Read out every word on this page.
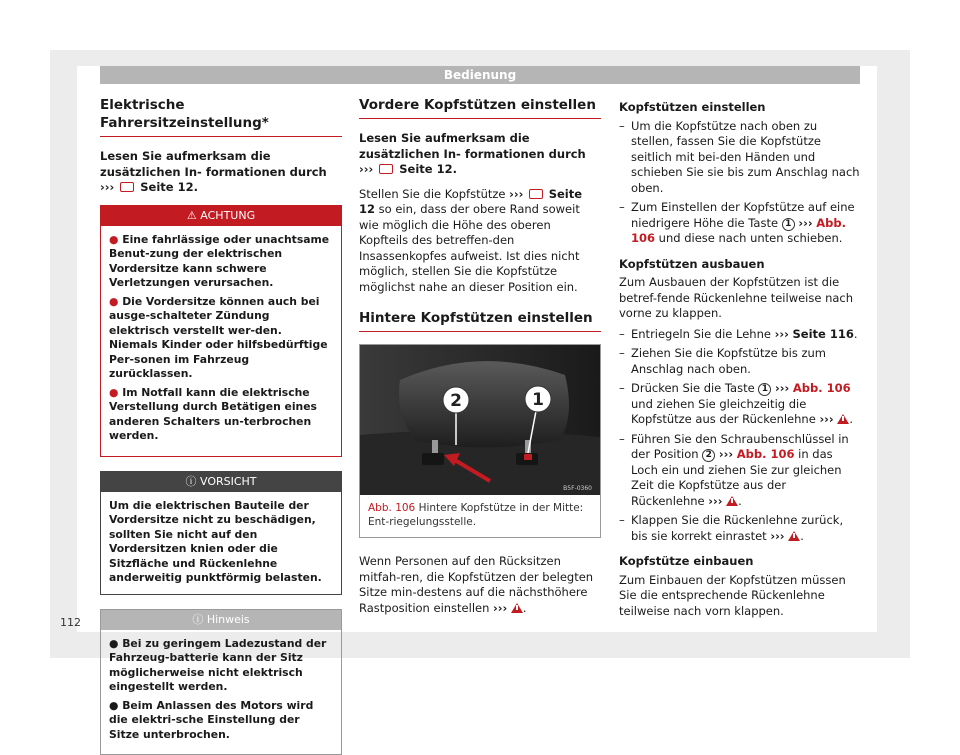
Bedienung
Elektrische Fahrersitzeinstellung*

Lesen Sie aufmerksam die zusätzlichen In- formationen durch ››› Seite 12.

⚠ ACHTUNG
● Eine fahrlässige oder unachtsame Benut-zung der elektrischen Vordersitze kann schwere Verletzungen verursachen.
● Die Vordersitze können auch bei ausge-schalteter Zündung elektrisch verstellt wer-den. Niemals Kinder oder hilfsbedürftige Per-sonen im Fahrzeug zurücklassen.
● Im Notfall kann die elektrische Verstellung durch Betätigen eines anderen Schalters un-terbrochen werden.
ⓘ VORSICHT
Um die elektrischen Bauteile der Vordersitze nicht zu beschädigen, sollten Sie nicht auf den Vordersitzen knien oder die Sitzfläche und Rückenlehne anderweitig punktförmig belasten.
ⓘ Hinweis
● Bei zu geringem Ladezustand der Fahrzeug-batterie kann der Sitz möglicherweise nicht elektrisch eingestellt werden.
● Beim Anlassen des Motors wird die elektri-sche Einstellung der Sitze unterbrochen.
Vordere Kopfstützen einstellen

Lesen Sie aufmerksam die zusätzlichen In- formationen durch ››› Seite 12.

Stellen Sie die Kopfstütze ››› Seite 12 so ein, dass der obere Rand soweit wie möglich die Höhe des oberen Kopfteils des betreffen-den Insassenkopfes aufweist. Ist dies nicht möglich, stellen Sie die Kopfstütze möglichst nahe an dieser Position ein.

Hintere Kopfstützen einstellen
2	1
B5F-0360
Abb. 106 Hintere Kopfstütze in der Mitte: Ent-riegelungsstelle.

Wenn Personen auf den Rücksitzen mitfah-ren, die Kopfstützen der belegten Sitze min-destens auf die nächsthöhere Rastposition einstellen ››› .

Kopfstützen einstellen
– Um die Kopfstütze nach oben zu stellen, fassen Sie die Kopfstütze seitlich mit bei-den Händen und schieben Sie sie bis zum Anschlag nach oben.
– Zum Einstellen der Kopfstütze auf eine niedrigere Höhe die Taste 1 ››› Abb. 106 und diese nach unten schieben.
Kopfstützen ausbauen

Zum Ausbauen der Kopfstützen ist die betref-fende Rückenlehne teilweise nach vorne zu klappen.

– Entriegeln Sie die Lehne ››› Seite 116.
– Ziehen Sie die Kopfstütze bis zum Anschlag nach oben.
– Drücken Sie die Taste 1 ››› Abb. 106 und ziehen Sie gleichzeitig die Kopfstütze aus der Rückenlehne ››› .
– Führen Sie den Schraubenschlüssel in der Position 2 ››› Abb. 106 in das Loch ein und ziehen Sie zur gleichen Zeit die Kopfstütze aus der Rückenlehne ››› .
– Klappen Sie die Rückenlehne zurück, bis sie korrekt einrastet ››› .
Kopfstütze einbauen

Zum Einbauen der Kopfstützen müssen Sie die entsprechende Rückenlehne teilweise nach vorn klappen.

112
